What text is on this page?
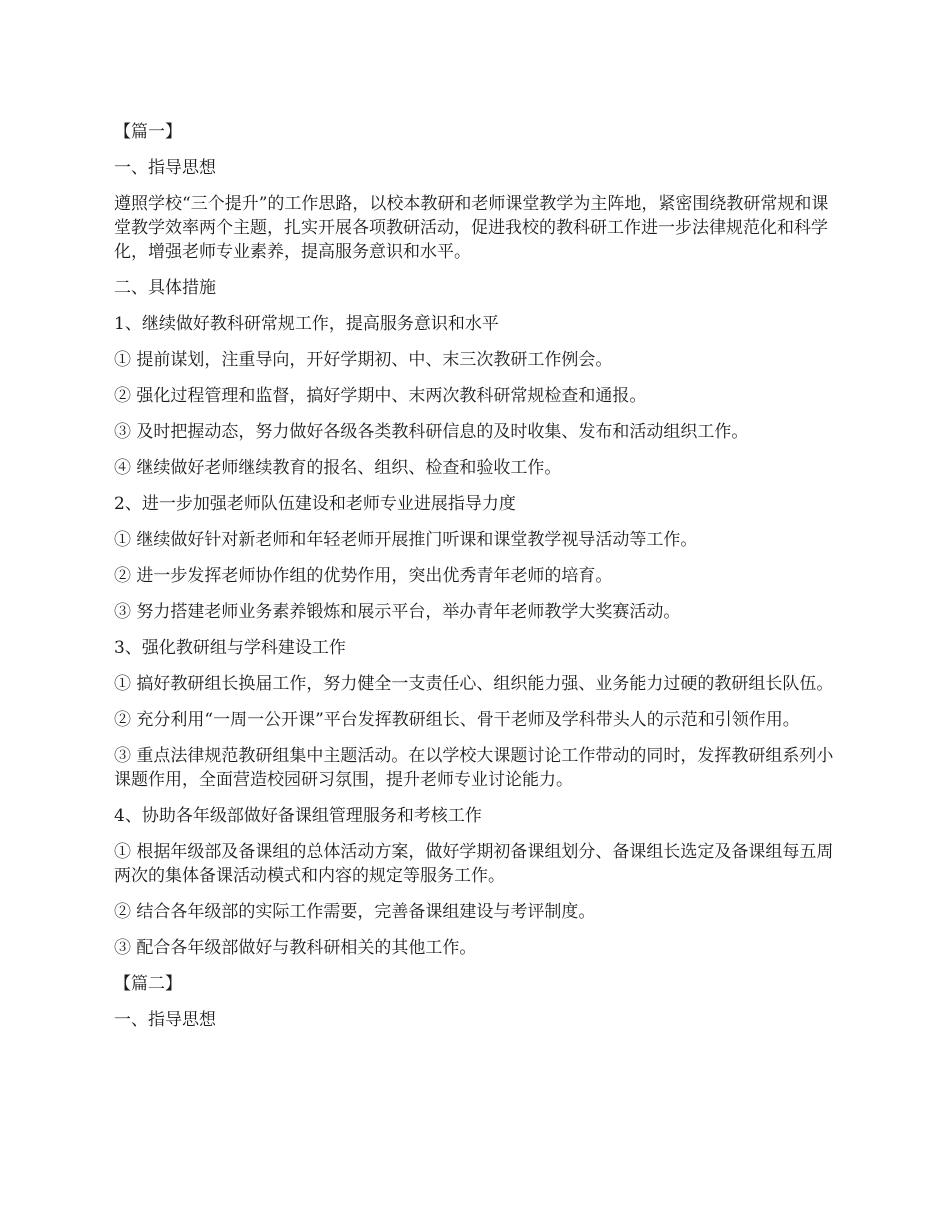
【篇一】

一、指导思想

遵照学校“三个提升”的工作思路，以校本教研和老师课堂教学为主阵地，紧密围绕教研常规和课堂教学效率两个主题，扎实开展各项教研活动，促进我校的教科研工作进一步法律规范化和科学化，增强老师专业素养，提高服务意识和水平。

二、具体措施

1、继续做好教科研常规工作，提高服务意识和水平

① 提前谋划，注重导向，开好学期初、中、末三次教研工作例会。

② 强化过程管理和监督，搞好学期中、末两次教科研常规检查和通报。

③ 及时把握动态，努力做好各级各类教科研信息的及时收集、发布和活动组织工作。

④ 继续做好老师继续教育的报名、组织、检查和验收工作。

2、进一步加强老师队伍建设和老师专业进展指导力度

① 继续做好针对新老师和年轻老师开展推门听课和课堂教学视导活动等工作。

② 进一步发挥老师协作组的优势作用，突出优秀青年老师的培育。

③ 努力搭建老师业务素养锻炼和展示平台，举办青年老师教学大奖赛活动。

3、强化教研组与学科建设工作

① 搞好教研组长换届工作，努力健全一支责任心、组织能力强、业务能力过硬的教研组长队伍。

② 充分利用“一周一公开课”平台发挥教研组长、骨干老师及学科带头人的示范和引领作用。

③ 重点法律规范教研组集中主题活动。在以学校大课题讨论工作带动的同时，发挥教研组系列小课题作用，全面营造校园研习氛围，提升老师专业讨论能力。

4、协助各年级部做好备课组管理服务和考核工作

① 根据年级部及备课组的总体活动方案，做好学期初备课组划分、备课组长选定及备课组每五周两次的集体备课活动模式和内容的规定等服务工作。

② 结合各年级部的实际工作需要，完善备课组建设与考评制度。

③ 配合各年级部做好与教科研相关的其他工作。

【篇二】

一、指导思想
